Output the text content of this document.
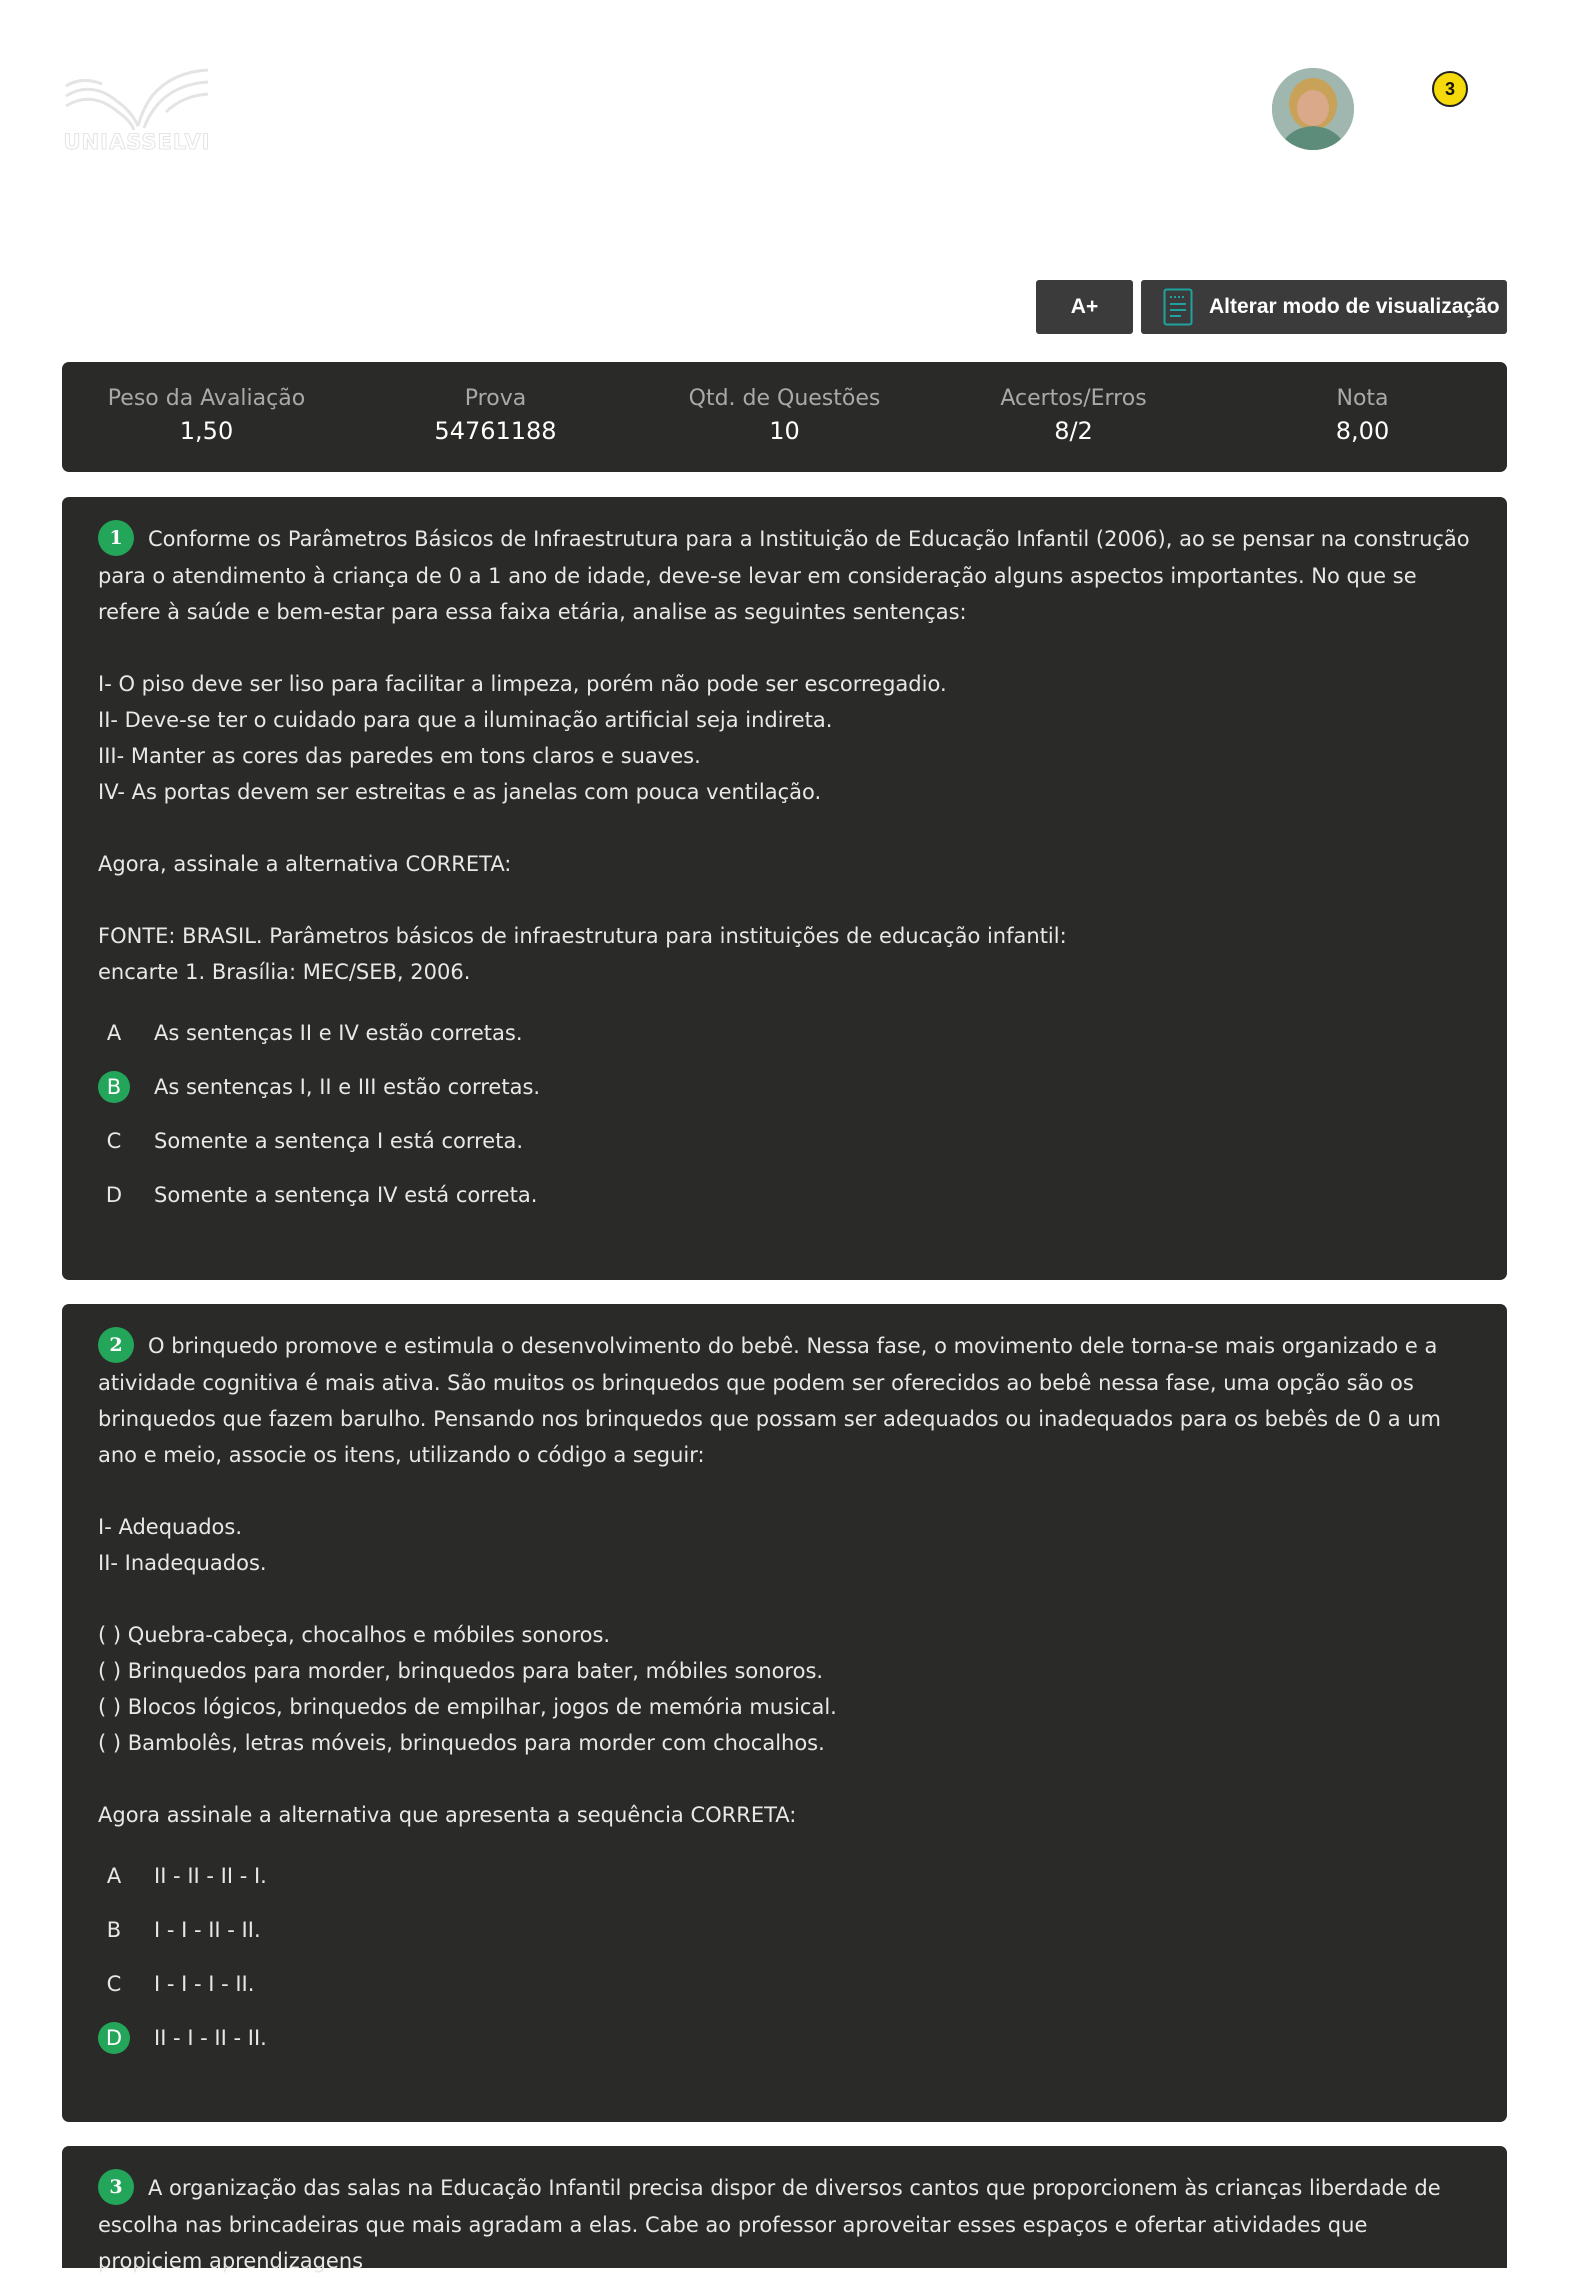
UNIASSELVI
3
A+	Alterar modo de visualização
Peso da Avaliação
1,50
Prova
54761188
Qtd. de Questões
10
Acertos/Erros
8/2
Nota
8,00

1 Conforme os Parâmetros Básicos de Infraestrutura para a Instituição de Educação Infantil (2006), ao se pensar na construção para o atendimento à criança de 0 a 1 ano de idade, deve-se levar em consideração alguns aspectos importantes. No que se refere à saúde e bem-estar para essa faixa etária, analise as seguintes sentenças:

I- O piso deve ser liso para facilitar a limpeza, porém não pode ser escorregadio.

II- Deve-se ter o cuidado para que a iluminação artificial seja indireta.

III- Manter as cores das paredes em tons claros e suaves.

IV- As portas devem ser estreitas e as janelas com pouca ventilação.

Agora, assinale a alternativa CORRETA:

FONTE: BRASIL. Parâmetros básicos de infraestrutura para instituições de educação infantil:

encarte 1. Brasília: MEC/SEB, 2006.

A	As sentenças II e IV estão corretas.
B	As sentenças I, II e III estão corretas.
C	Somente a sentença I está correta.
D	Somente a sentença IV está correta.

2 O brinquedo promove e estimula o desenvolvimento do bebê. Nessa fase, o movimento dele torna-se mais organizado e a atividade cognitiva é mais ativa. São muitos os brinquedos que podem ser oferecidos ao bebê nessa fase, uma opção são os brinquedos que fazem barulho. Pensando nos brinquedos que possam ser adequados ou inadequados para os bebês de 0 a um ano e meio, associe os itens, utilizando o código a seguir:

I- Adequados.

II- Inadequados.

( ) Quebra-cabeça, chocalhos e móbiles sonoros.

( ) Brinquedos para morder, brinquedos para bater, móbiles sonoros.

( ) Blocos lógicos, brinquedos de empilhar, jogos de memória musical.

( ) Bambolês, letras móveis, brinquedos para morder com chocalhos.

Agora assinale a alternativa que apresenta a sequência CORRETA:

A	II - II - II - I.
B	I - I - II - II.
C	I - I - I - II.
D	II - I - II - II.

3 A organização das salas na Educação Infantil precisa dispor de diversos cantos que proporcionem às crianças liberdade de escolha nas brincadeiras que mais agradam a elas. Cabe ao professor aproveitar esses espaços e ofertar atividades que propiciem aprendizagens
